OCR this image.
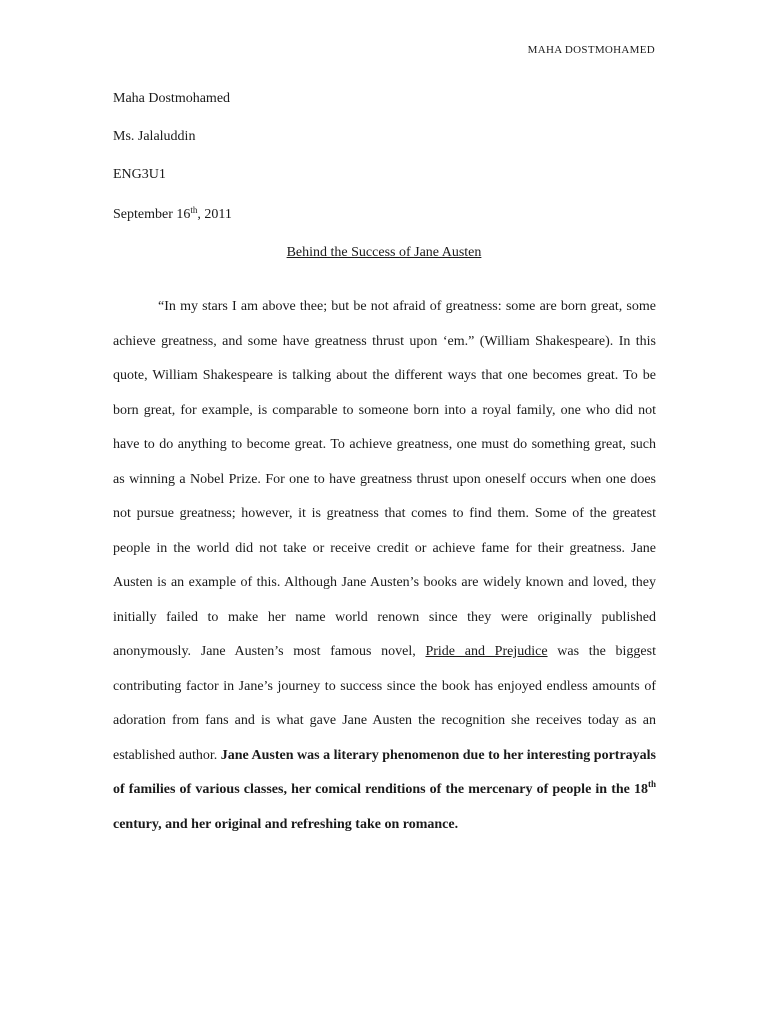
MAHA DOSTMOHAMED
Maha Dostmohamed
Ms. Jalaluddin
ENG3U1
September 16th, 2011
Behind the Success of Jane Austen

“In my stars I am above thee; but be not afraid of greatness: some are born great, some achieve greatness, and some have greatness thrust upon ‘em.” (William Shakespeare). In this quote, William Shakespeare is talking about the different ways that one becomes great. To be born great, for example, is comparable to someone born into a royal family, one who did not have to do anything to become great. To achieve greatness, one must do something great, such as winning a Nobel Prize. For one to have greatness thrust upon oneself occurs when one does not pursue greatness; however, it is greatness that comes to find them. Some of the greatest people in the world did not take or receive credit or achieve fame for their greatness. Jane Austen is an example of this. Although Jane Austen’s books are widely known and loved, they initially failed to make her name world renown since they were originally published anonymously. Jane Austen’s most famous novel, Pride and Prejudice was the biggest contributing factor in Jane’s journey to success since the book has enjoyed endless amounts of adoration from fans and is what gave Jane Austen the recognition she receives today as an established author. Jane Austen was a literary phenomenon due to her interesting portrayals of families of various classes, her comical renditions of the mercenary of people in the 18th century, and her original and refreshing take on romance.
